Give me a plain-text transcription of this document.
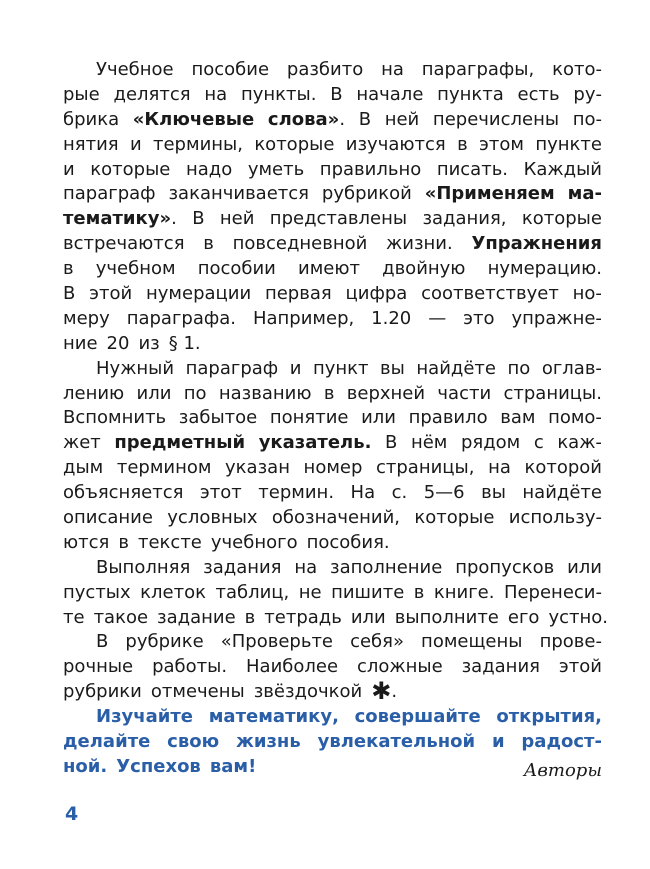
Учебное пособие разбито на параграфы, кото-
рые делятся на пункты. В начале пункта есть ру-
брика «Ключевые слова». В ней перечислены по-
нятия и термины, которые изучаются в этом пункте
и которые надо уметь правильно писать. Каждый
параграф заканчивается рубрикой «Применяем ма-
тематику». В ней представлены задания, которые
встречаются в повседневной жизни. Упражнения
в учебном пособии имеют двойную нумерацию.
В этой нумерации первая цифра соответствует но-
меру параграфа. Например, 1.20 — это упражне-
ние 20 из § 1.
Нужный параграф и пункт вы найдёте по оглав-
лению или по названию в верхней части страницы.
Вспомнить забытое понятие или правило вам помо-
жет предметный указатель. В нём рядом с каж-
дым термином указан номер страницы, на которой
объясняется этот термин. На с. 5—6 вы найдёте
описание условных обозначений, которые использу-
ются в тексте учебного пособия.
Выполняя задания на заполнение пропусков или
пустых клеток таблиц, не пишите в книге. Перенеси-
те такое задание в тетрадь или выполните его устно.
В рубрике «Проверьте себя» помещены прове-
рочные работы. Наиболее сложные задания этой
рубрики отмечены звёздочкой ✱.
Изучайте математику, совершайте открытия,
делайте свою жизнь увлекательной и радост-
ной. Успехов вам!	Авторы
4
